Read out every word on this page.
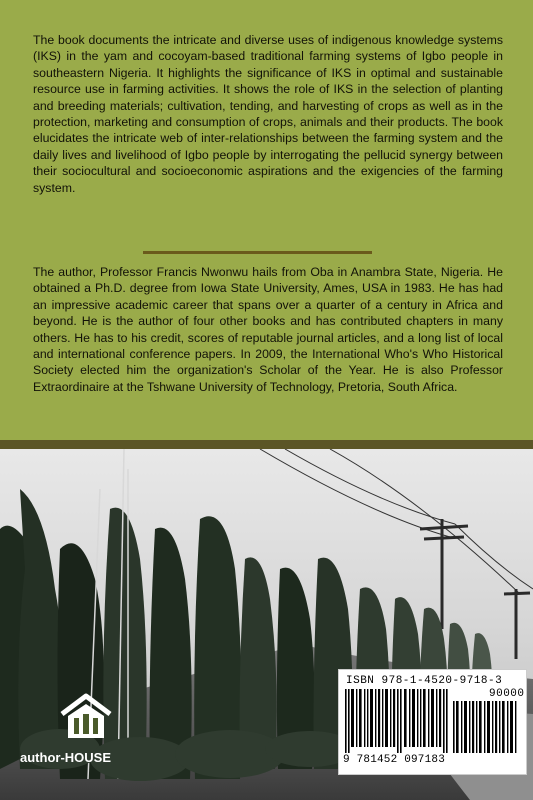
The book documents the intricate and diverse uses of indigenous knowledge systems (IKS) in the yam and cocoyam-based traditional farming systems of Igbo people in southeastern Nigeria. It highlights the significance of IKS in optimal and sustainable resource use in farming activities. It shows the role of IKS in the selection of planting and breeding materials; cultivation, tending, and harvesting of crops as well as in the protection, marketing and consumption of crops, animals and their products. The book elucidates the intricate web of inter-relationships between the farming system and the daily lives and livelihood of Igbo people by interrogating the pellucid synergy between their sociocultural and socioeconomic aspirations and the exigencies of the farming system.

The author, Professor Francis Nwonwu hails from Oba in Anambra State, Nigeria. He obtained a Ph.D. degree from Iowa State University, Ames, USA in 1983. He has had an impressive academic career that spans over a quarter of a century in Africa and beyond. He is the author of four other books and has contributed chapters in many others. He has to his credit, scores of reputable journal articles, and a long list of local and international conference papers. In 2009, the International Who's Who Historical Society elected him the organization's Scholar of the Year. He is also Professor Extraordinaire at the Tshwane University of Technology, Pretoria, South Africa.

author-HOUSE
ISBN 978-1-4520-9718-3
90000
9 781452 097183
